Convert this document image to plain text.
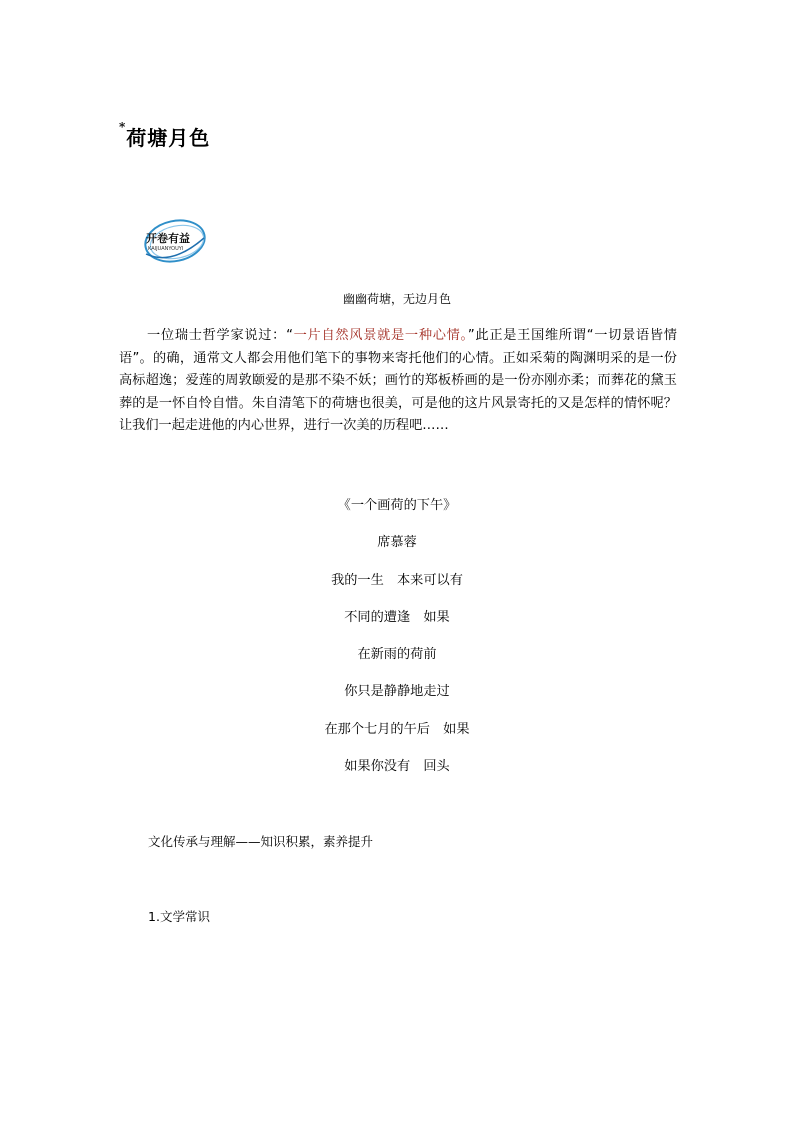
*荷塘月色
开卷有益
KAIJUANYOUYI
幽幽荷塘，无边月色

一位瑞士哲学家说过：“一片自然风景就是一种心情。”此正是王国维所谓“一切景语皆情语”。的确，通常文人都会用他们笔下的事物来寄托他们的心情。正如采菊的陶渊明采的是一份高标超逸；爱莲的周敦颐爱的是那不染不妖；画竹的郑板桥画的是一份亦刚亦柔；而葬花的黛玉葬的是一怀自怜自惜。朱自清笔下的荷塘也很美，可是他的这片风景寄托的又是怎样的情怀呢？让我们一起走进他的内心世界，进行一次美的历程吧……

《一个画荷的下午》
席慕蓉
我的一生　本来可以有
不同的遭逢　如果
在新雨的荷前
你只是静静地走过
在那个七月的午后　如果
如果你没有　回头
文化传承与理解——知识积累，素养提升
1.文学常识
